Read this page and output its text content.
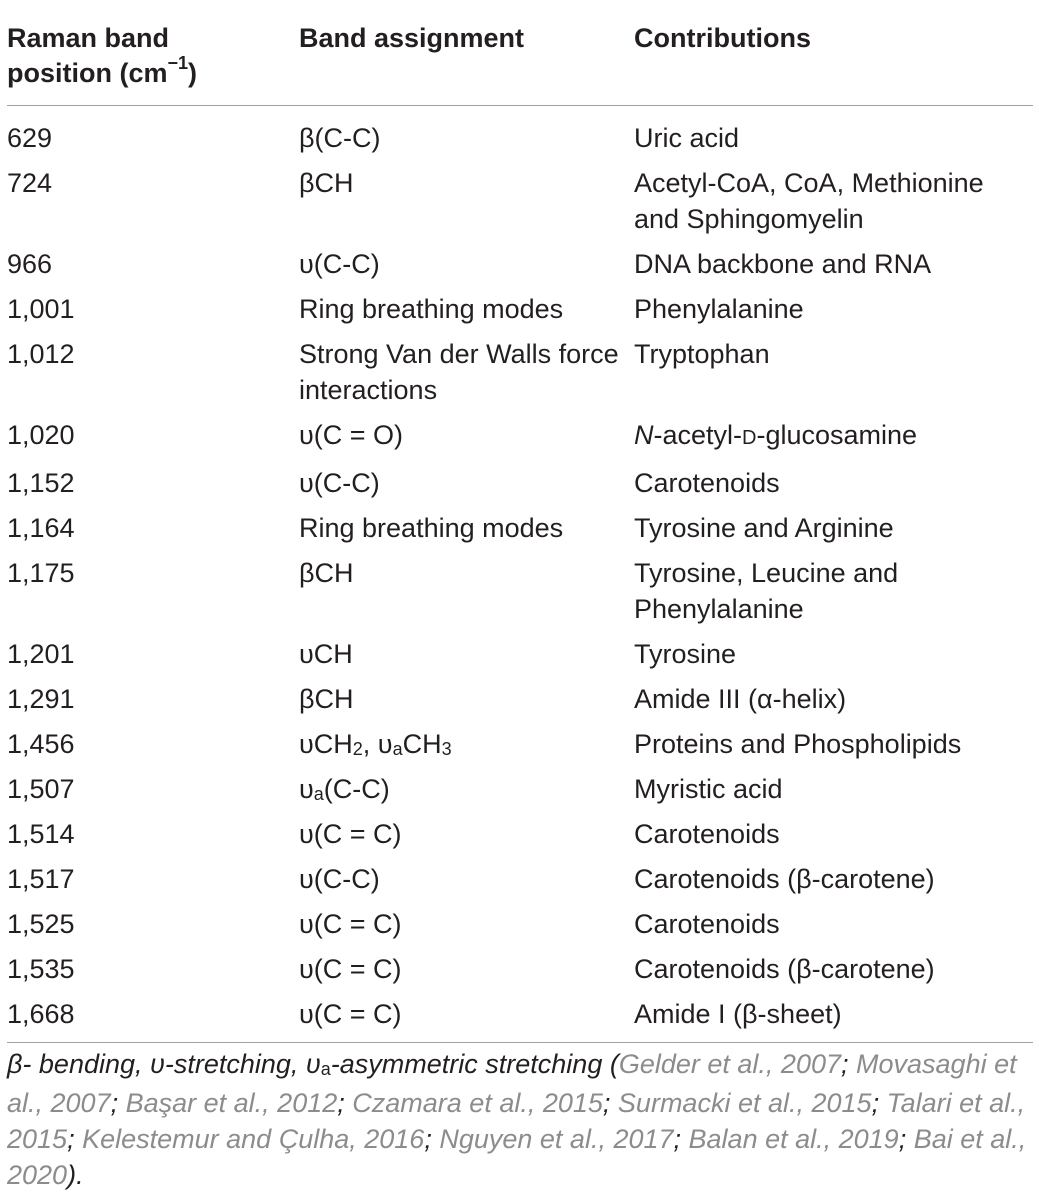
Raman band
position $(cm^{-1})$	Band assignment	Contributions
629	β(C-C)	Uric acid
724	βCH	Acetyl-CoA, CoA, Methionine and Sphingomyelin
966	υ(C-C)	DNA backbone and RNA
1,001	Ring breathing modes	Phenylalanine
1,012	Strong Van der Walls force interactions	Tryptophan
1,020	υ(C = O)	N-acetyl-D-glucosamine
1,152	υ(C-C)	Carotenoids
1,164	Ring breathing modes	Tyrosine and Arginine
1,175	βCH	Tyrosine, Leucine and Phenylalanine
1,201	υCH	Tyrosine
1,291	βCH	Amide III (α-helix)
1,456	υCH$_2$, $\upsilon_aCH_3$	Proteins and Phospholipids
1,507	$\upsilon_a(C-C)$	Myristic acid
1,514	υ(C = C)	Carotenoids
1,517	υ(C-C)	Carotenoids (β-carotene)
1,525	υ(C = C)	Carotenoids
1,535	υ(C = C)	Carotenoids (β-carotene)
1,668	υ(C = C)	Amide I (β-sheet)
β- bending, υ-stretching, υa-asymmetric stretching (Gelder et al., 2007; Movasaghi et al., 2007; Başar et al., 2012; Czamara et al., 2015; Surmacki et al., 2015; Talari et al., 2015; Kelestemur and Çulha, 2016; Nguyen et al., 2017; Balan et al., 2019; Bai et al., 2020).
